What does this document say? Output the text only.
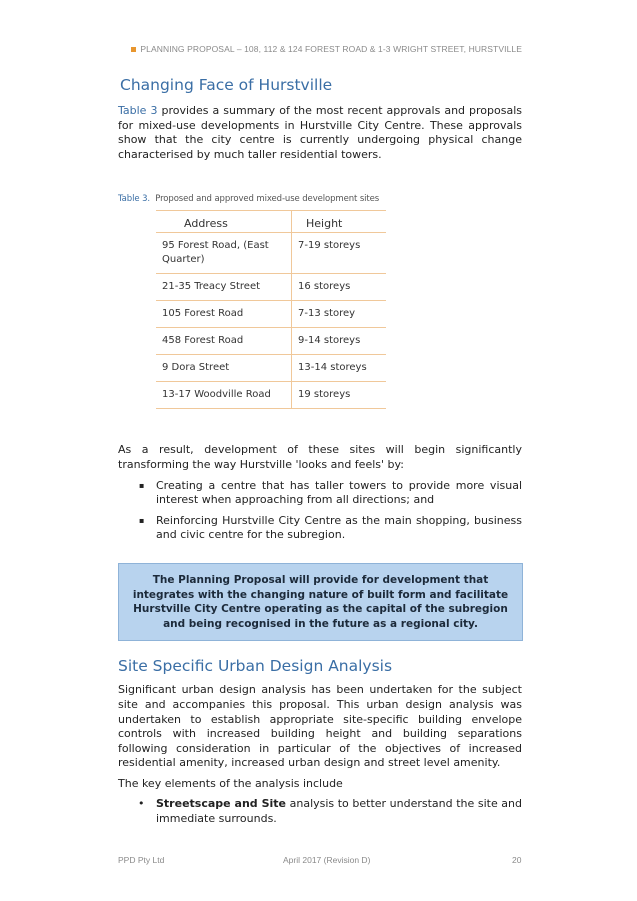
PLANNING PROPOSAL – 108, 112 & 124 FOREST ROAD & 1-3 WRIGHT STREET, HURSTVILLE
Changing Face of Hurstville

Table 3 provides a summary of the most recent approvals and proposals for mixed-use developments in Hurstville City Centre. These approvals show that the city centre is currently undergoing physical change characterised by much taller residential towers.

Table 3. Proposed and approved mixed-use development sites
Address	Height
95 Forest Road, (East Quarter)	7-19 storeys
21-35 Treacy Street	16 storeys
105 Forest Road	7-13 storey
458 Forest Road	9-14 storeys
9 Dora Street	13-14 storeys
13-17 Woodville Road	19 storeys

As a result, development of these sites will begin significantly transforming the way Hurstville 'looks and feels' by:

▪ Creating a centre that has taller towers to provide more visual interest when approaching from all directions; and
▪ Reinforcing Hurstville City Centre as the main shopping, business and civic centre for the subregion.
The Planning Proposal will provide for development that integrates with the changing nature of built form and facilitate Hurstville City Centre operating as the capital of the subregion and being recognised in the future as a regional city.
Site Specific Urban Design Analysis

Significant urban design analysis has been undertaken for the subject site and accompanies this proposal. This urban design analysis was undertaken to establish appropriate site-specific building envelope controls with increased building height and building separations following consideration in particular of the objectives of increased residential amenity, increased urban design and street level amenity.

The key elements of the analysis include

• Streetscape and Site analysis to better understand the site and immediate surrounds.
PPD Pty Ltd	April 2017 (Revision D)	20
